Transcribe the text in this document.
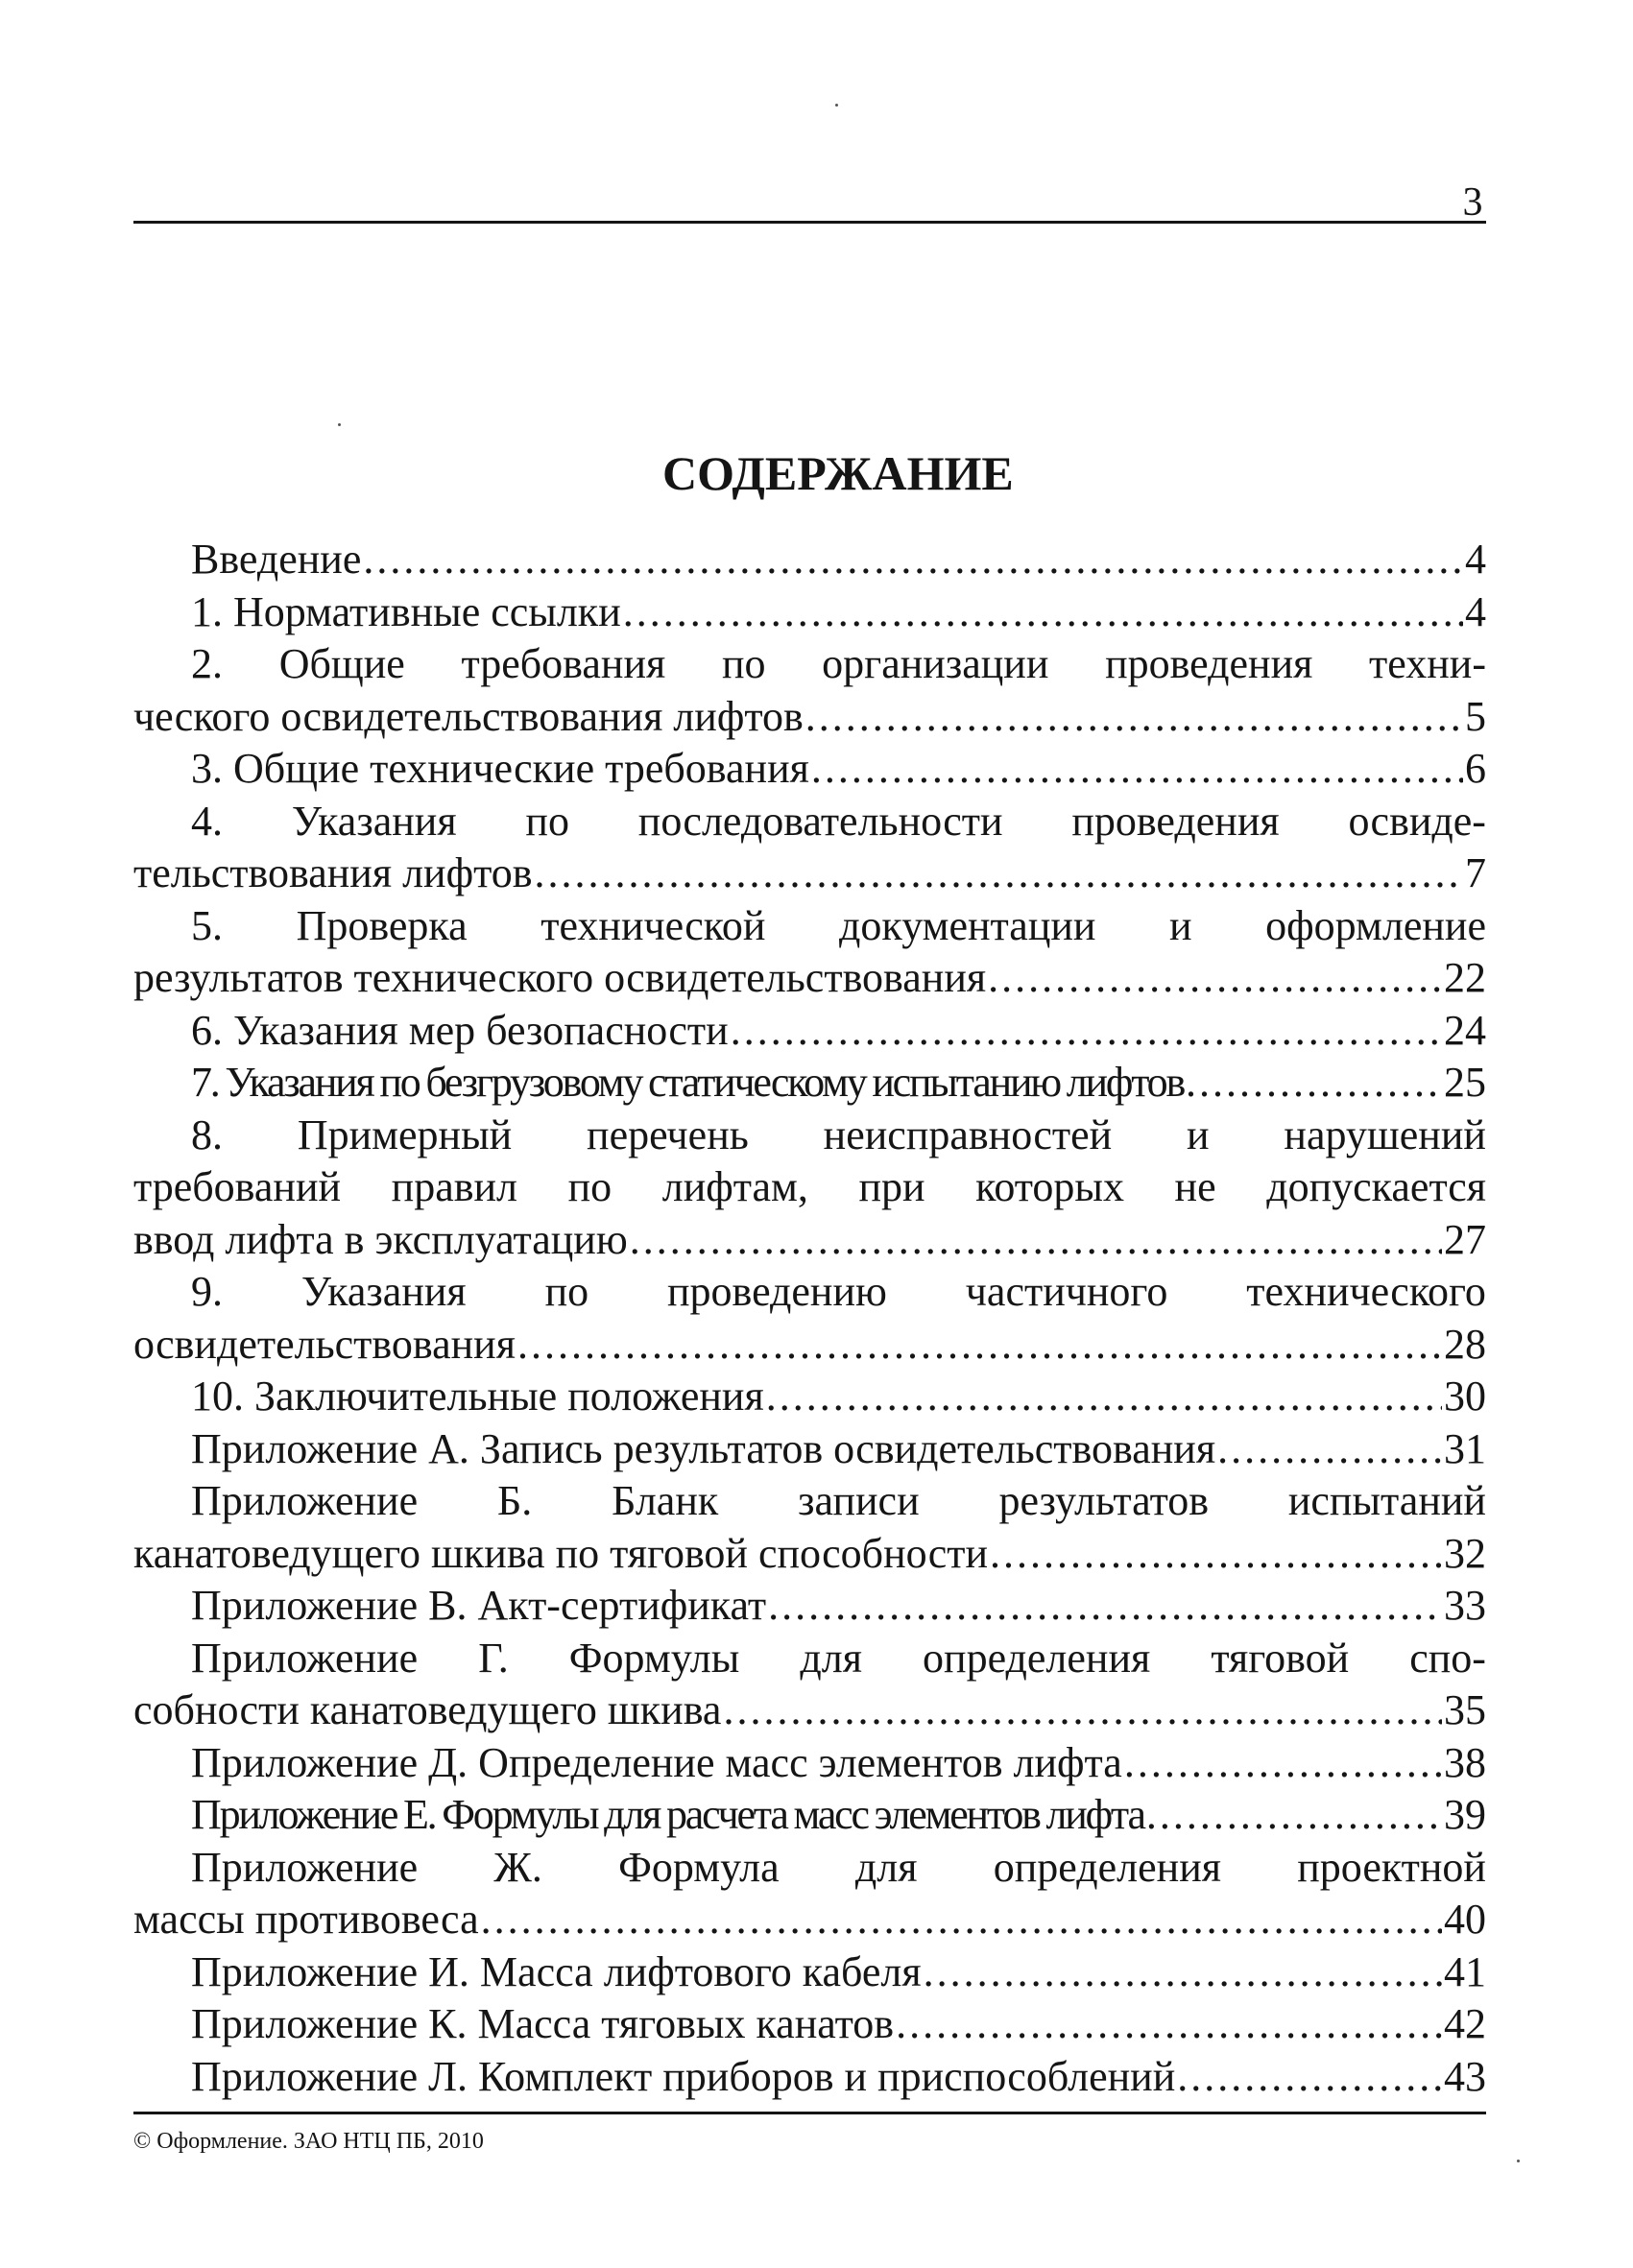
3
СОДЕРЖАНИЕ
Введение .....	4
1. Нормативные ссылки .....	4
2. Общие требования по организации проведения техни-
ческого освидетельствования лифтов .....	5
3. Общие технические требования .....	6
4. Указания по последовательности проведения освиде-
тельствования лифтов .....	7
5. Проверка технической документации и оформление
результатов технического освидетельствования .....	22
6. Указания мер безопасности .....	24
7. Указания по безгрузовому статическому испытанию лифтов .....	25
8. Примерный перечень неисправностей и нарушений
требований правил по лифтам, при которых не допускается
ввод лифта в эксплуатацию .....	27
9. Указания по проведению частичного технического
освидетельствования .....	28
10. Заключительные положения .....	30
Приложение А. Запись результатов освидетельствования .....	31
Приложение Б. Бланк записи результатов испытаний
канатоведущего шкива по тяговой способности .....	32
Приложение В. Акт-сертификат .....	33
Приложение Г. Формулы для определения тяговой спо-
собности канатоведущего шкива .....	35
Приложение Д. Определение масс элементов лифта .....	38
Приложение Е. Формулы для расчета масс элементов лифта .....	39
Приложение Ж. Формула для определения проектной
массы противовеса .....	40
Приложение И. Масса лифтового кабеля .....	41
Приложение К. Масса тяговых канатов .....	42
Приложение Л. Комплект приборов и приспособлений .....	43
© Оформление. ЗАО НТЦ ПБ, 2010
